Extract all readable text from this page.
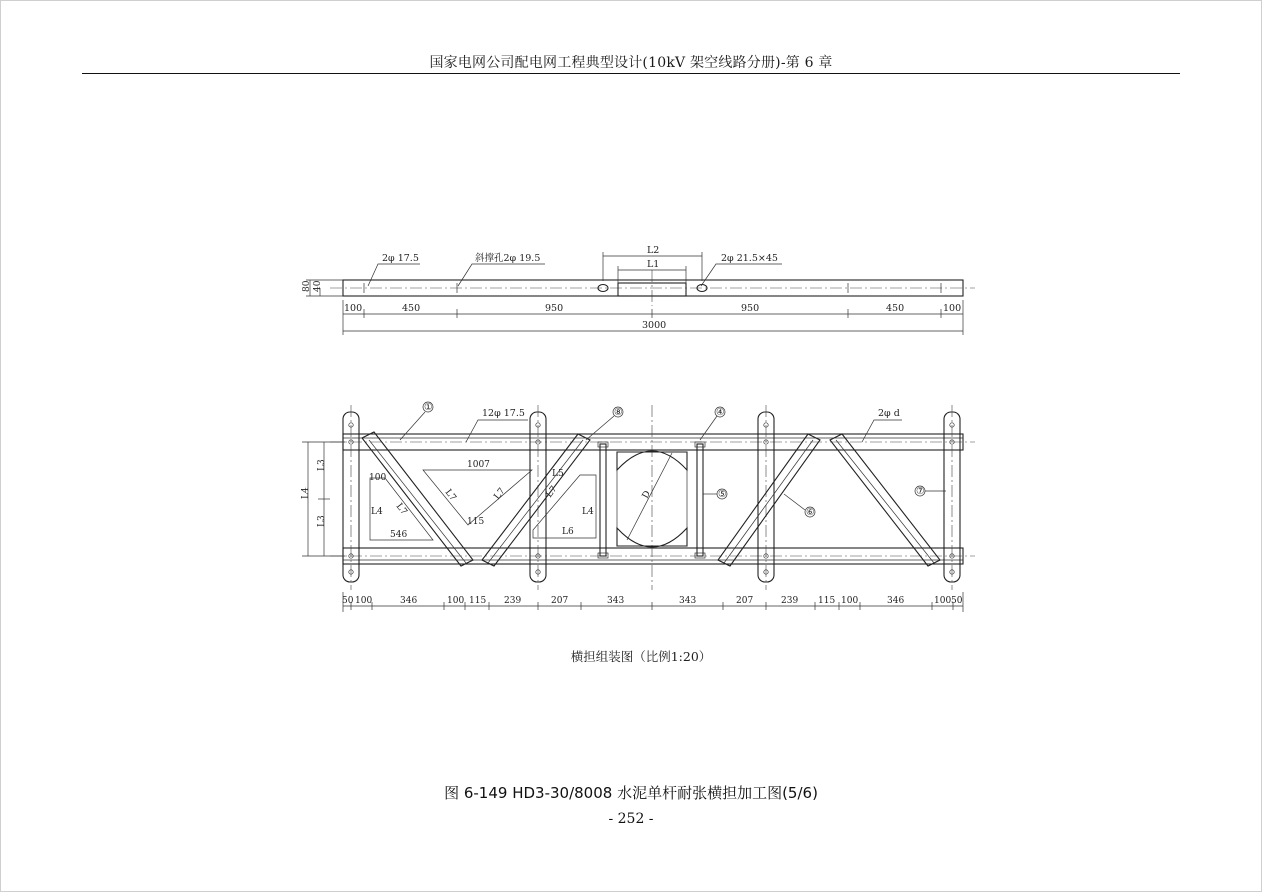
国家电网公司配电网工程典型设计(10kV 架空线路分册)-第 6 章
2φ 17.5	斜撑孔2φ 19.5	2φ 21.5×45
L2
L1
80 40
100	450	950	950	450	100
3000
①
12φ 17.5	⑧	④	2φ d
⑤
⑥
⑦
L3
L3
L4
100
1007
L4 L7
L7	L7	L7
115
546
L5
L4
L6
D
50 100	346	100 115 239	207	343	343	207	239 115 100	346	100 50
横担组装图（比例1:20）
图 6-149 HD3-30/8008 水泥单杆耐张横担加工图(5/6)
- 252 -
